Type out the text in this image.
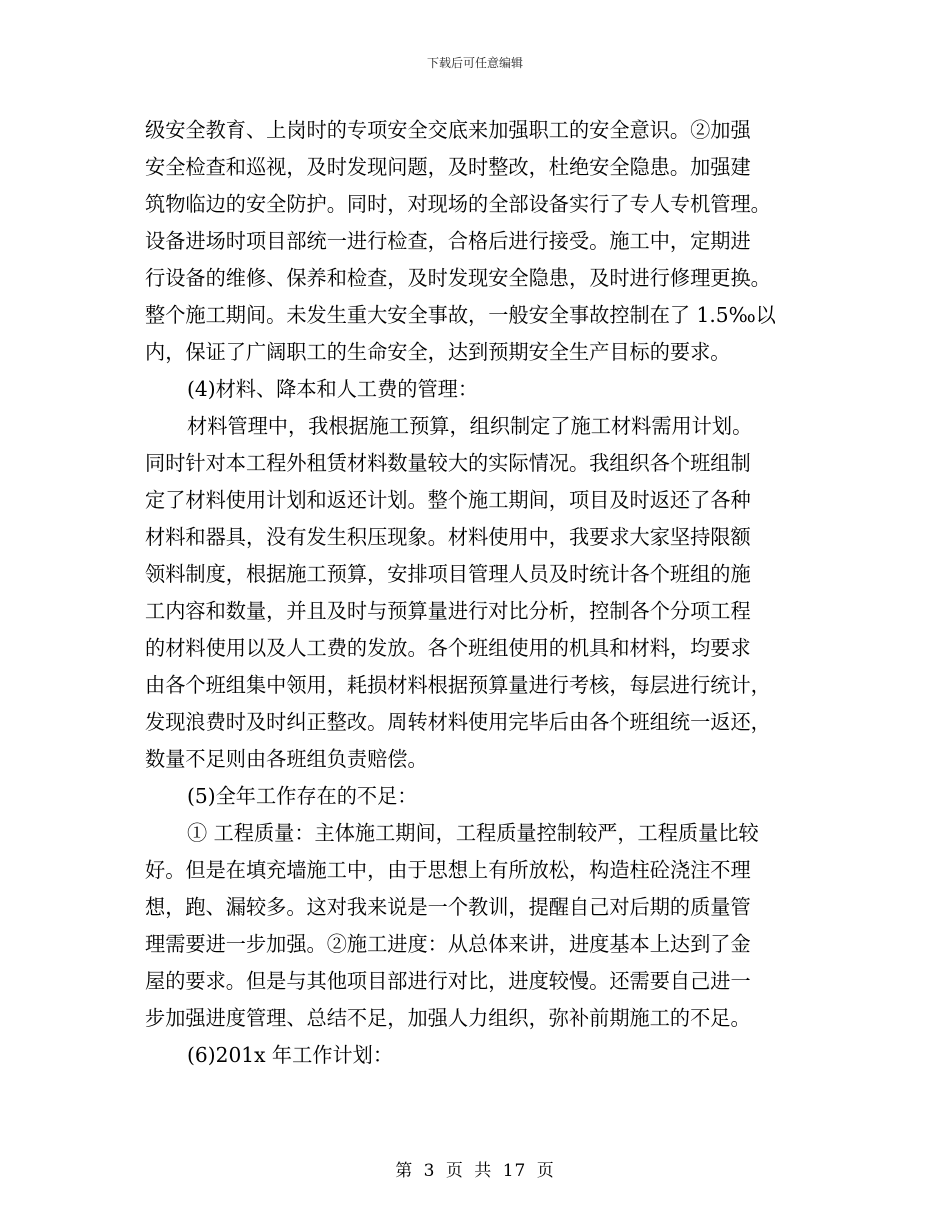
下载后可任意编辑

级安全教育、上岗时的专项安全交底来加强职工的安全意识。②加强
安全检查和巡视，及时发现问题，及时整改，杜绝安全隐患。加强建
筑物临边的安全防护。同时，对现场的全部设备实行了专人专机管理。
设备进场时项目部统一进行检查，合格后进行接受。施工中，定期进
行设备的维修、保养和检查，及时发现安全隐患，及时进行修理更换。
整个施工期间。未发生重大安全事故，一般安全事故控制在了 1.5‰以
内，保证了广阔职工的生命安全，达到预期安全生产目标的要求。

(4)材料、降本和人工费的管理：

材料管理中，我根据施工预算，组织制定了施工材料需用计划。
同时针对本工程外租赁材料数量较大的实际情况。我组织各个班组制
定了材料使用计划和返还计划。整个施工期间，项目及时返还了各种
材料和器具，没有发生积压现象。材料使用中，我要求大家坚持限额
领料制度，根据施工预算，安排项目管理人员及时统计各个班组的施
工内容和数量，并且及时与预算量进行对比分析，控制各个分项工程
的材料使用以及人工费的发放。各个班组使用的机具和材料，均要求
由各个班组集中领用，耗损材料根据预算量进行考核，每层进行统计，
发现浪费时及时纠正整改。周转材料使用完毕后由各个班组统一返还，
数量不足则由各班组负责赔偿。

(5)全年工作存在的不足：

① 工程质量：主体施工期间，工程质量控制较严，工程质量比较
好。但是在填充墙施工中，由于思想上有所放松，构造柱砼浇注不理
想，跑、漏较多。这对我来说是一个教训，提醒自己对后期的质量管
理需要进一步加强。②施工进度：从总体来讲，进度基本上达到了金
屋的要求。但是与其他项目部进行对比，进度较慢。还需要自己进一
步加强进度管理、总结不足，加强人力组织，弥补前期施工的不足。

(6)201x 年工作计划：

第 3 页 共 17 页
